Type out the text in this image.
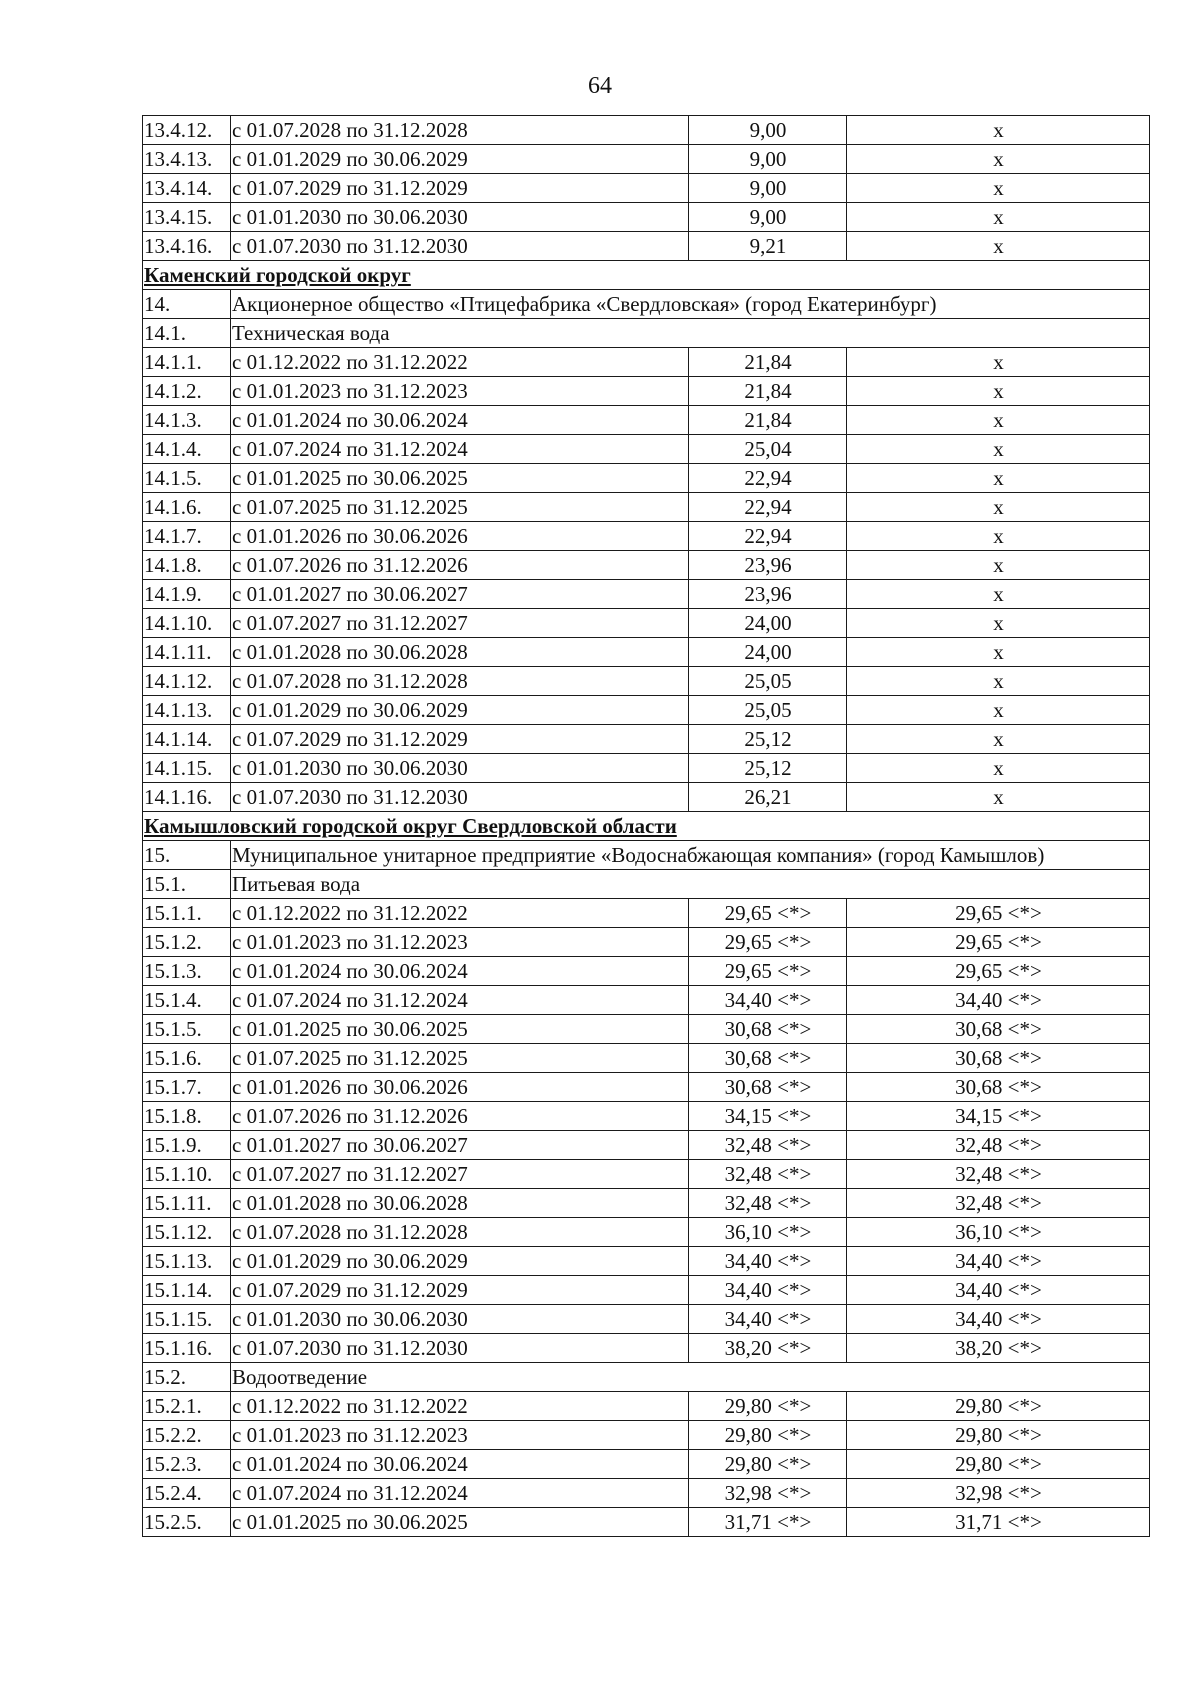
64
13.4.12.	с 01.07.2028 по 31.12.2028	9,00	х
13.4.13.	с 01.01.2029 по 30.06.2029	9,00	х
13.4.14.	с 01.07.2029 по 31.12.2029	9,00	х
13.4.15.	с 01.01.2030 по 30.06.2030	9,00	х
13.4.16.	с 01.07.2030 по 31.12.2030	9,21	х
Каменский городской округ			
14.	Акционерное общество «Птицефабрика «Свердловская» (город Екатеринбург)		
14.1.	Техническая вода		
14.1.1.	с 01.12.2022 по 31.12.2022	21,84	х
14.1.2.	с 01.01.2023 по 31.12.2023	21,84	х
14.1.3.	с 01.01.2024 по 30.06.2024	21,84	х
14.1.4.	с 01.07.2024 по 31.12.2024	25,04	х
14.1.5.	с 01.01.2025 по 30.06.2025	22,94	х
14.1.6.	с 01.07.2025 по 31.12.2025	22,94	х
14.1.7.	с 01.01.2026 по 30.06.2026	22,94	х
14.1.8.	с 01.07.2026 по 31.12.2026	23,96	х
14.1.9.	с 01.01.2027 по 30.06.2027	23,96	х
14.1.10.	с 01.07.2027 по 31.12.2027	24,00	х
14.1.11.	с 01.01.2028 по 30.06.2028	24,00	х
14.1.12.	с 01.07.2028 по 31.12.2028	25,05	х
14.1.13.	с 01.01.2029 по 30.06.2029	25,05	х
14.1.14.	с 01.07.2029 по 31.12.2029	25,12	х
14.1.15.	с 01.01.2030 по 30.06.2030	25,12	х
14.1.16.	с 01.07.2030 по 31.12.2030	26,21	х
Камышловский городской округ Свердловской области			
15.	Муниципальное унитарное предприятие «Водоснабжающая компания» (город Камышлов)		
15.1.	Питьевая вода		
15.1.1.	с 01.12.2022 по 31.12.2022	29,65 <*>	29,65 <*>
15.1.2.	с 01.01.2023 по 31.12.2023	29,65 <*>	29,65 <*>
15.1.3.	с 01.01.2024 по 30.06.2024	29,65 <*>	29,65 <*>
15.1.4.	с 01.07.2024 по 31.12.2024	34,40 <*>	34,40 <*>
15.1.5.	с 01.01.2025 по 30.06.2025	30,68 <*>	30,68 <*>
15.1.6.	с 01.07.2025 по 31.12.2025	30,68 <*>	30,68 <*>
15.1.7.	с 01.01.2026 по 30.06.2026	30,68 <*>	30,68 <*>
15.1.8.	с 01.07.2026 по 31.12.2026	34,15 <*>	34,15 <*>
15.1.9.	с 01.01.2027 по 30.06.2027	32,48 <*>	32,48 <*>
15.1.10.	с 01.07.2027 по 31.12.2027	32,48 <*>	32,48 <*>
15.1.11.	с 01.01.2028 по 30.06.2028	32,48 <*>	32,48 <*>
15.1.12.	с 01.07.2028 по 31.12.2028	36,10 <*>	36,10 <*>
15.1.13.	с 01.01.2029 по 30.06.2029	34,40 <*>	34,40 <*>
15.1.14.	с 01.07.2029 по 31.12.2029	34,40 <*>	34,40 <*>
15.1.15.	с 01.01.2030 по 30.06.2030	34,40 <*>	34,40 <*>
15.1.16.	с 01.07.2030 по 31.12.2030	38,20 <*>	38,20 <*>
15.2.	Водоотведение		
15.2.1.	с 01.12.2022 по 31.12.2022	29,80 <*>	29,80 <*>
15.2.2.	с 01.01.2023 по 31.12.2023	29,80 <*>	29,80 <*>
15.2.3.	с 01.01.2024 по 30.06.2024	29,80 <*>	29,80 <*>
15.2.4.	с 01.07.2024 по 31.12.2024	32,98 <*>	32,98 <*>
15.2.5.	с 01.01.2025 по 30.06.2025	31,71 <*>	31,71 <*>
